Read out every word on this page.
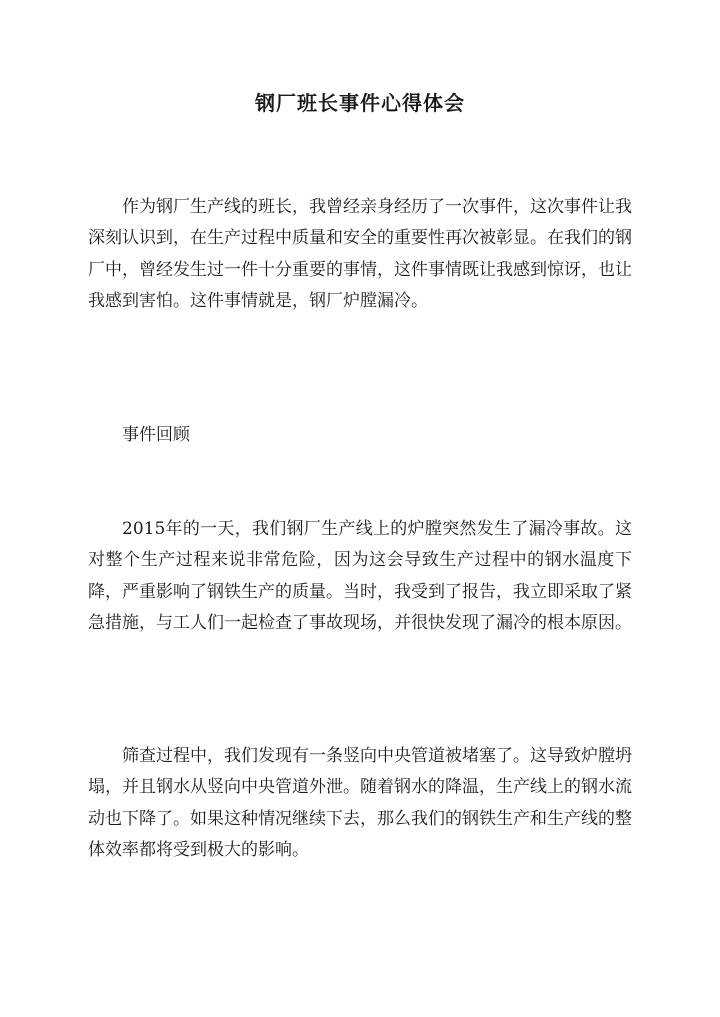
钢厂班长事件心得体会

作为钢厂生产线的班长，我曾经亲身经历了一次事件，这次事件让我深刻认识到，在生产过程中质量和安全的重要性再次被彰显。在我们的钢厂中，曾经发生过一件十分重要的事情，这件事情既让我感到惊讶，也让我感到害怕。这件事情就是，钢厂炉膛漏冷。

事件回顾

2015年的一天，我们钢厂生产线上的炉膛突然发生了漏冷事故。这对整个生产过程来说非常危险，因为这会导致生产过程中的钢水温度下降，严重影响了钢铁生产的质量。当时，我受到了报告，我立即采取了紧急措施，与工人们一起检查了事故现场，并很快发现了漏冷的根本原因。

筛查过程中，我们发现有一条竖向中央管道被堵塞了。这导致炉膛坍塌，并且钢水从竖向中央管道外泄。随着钢水的降温，生产线上的钢水流动也下降了。如果这种情况继续下去，那么我们的钢铁生产和生产线的整体效率都将受到极大的影响。
